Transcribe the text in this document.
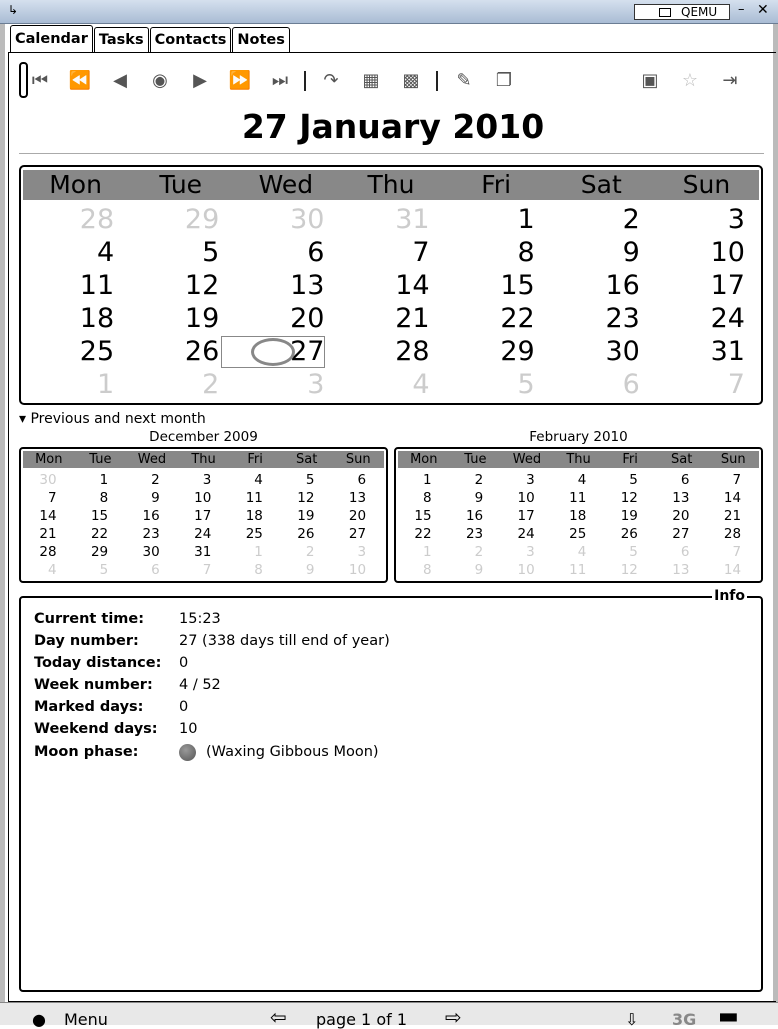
↳	QEMU – ✕
Calendar Tasks Contacts Notes
⏮	⏪	◀	◉	▶	⏩	⏭	↷	▦	▩	✎	❐	▣	☆	⇥
27 January 2010
Mon	Tue	Wed	Thu	Fri	Sat	Sun
28	29	30	31	1	2	3
4	5	6	7	8	9	10
11	12	13	14	15	16	17
18	19	20	21	22	23	24
25	26	27	28	29	30	31
1	2	3	4	5	6	7
▾ Previous and next month
December 2009	February 2010
Mon	Tue	Wed	Thu	Fri	Sat	Sun
30	1	2	3	4	5	6
7	8	9	10	11	12	13
14	15	16	17	18	19	20
21	22	23	24	25	26	27
28	29	30	31	1	2	3
4	5	6	7	8	9	10
Mon	Tue	Wed	Thu	Fri	Sat	Sun
1	2	3	4	5	6	7
8	9	10	11	12	13	14
15	16	17	18	19	20	21
22	23	24	25	26	27	28
1	2	3	4	5	6	7
8	9	10	11	12	13	14
Info
Current time: 15:23
Day number:	27 (338 days till end of year)
Today distance: 0
Week number: 4 / 52
Marked days: 0
Weekend days: 10
Moon phase:	(Waxing Gibbous Moon)
● Menu	⇦ page 1 of 1 ⇨	⇩ 3G ▬
